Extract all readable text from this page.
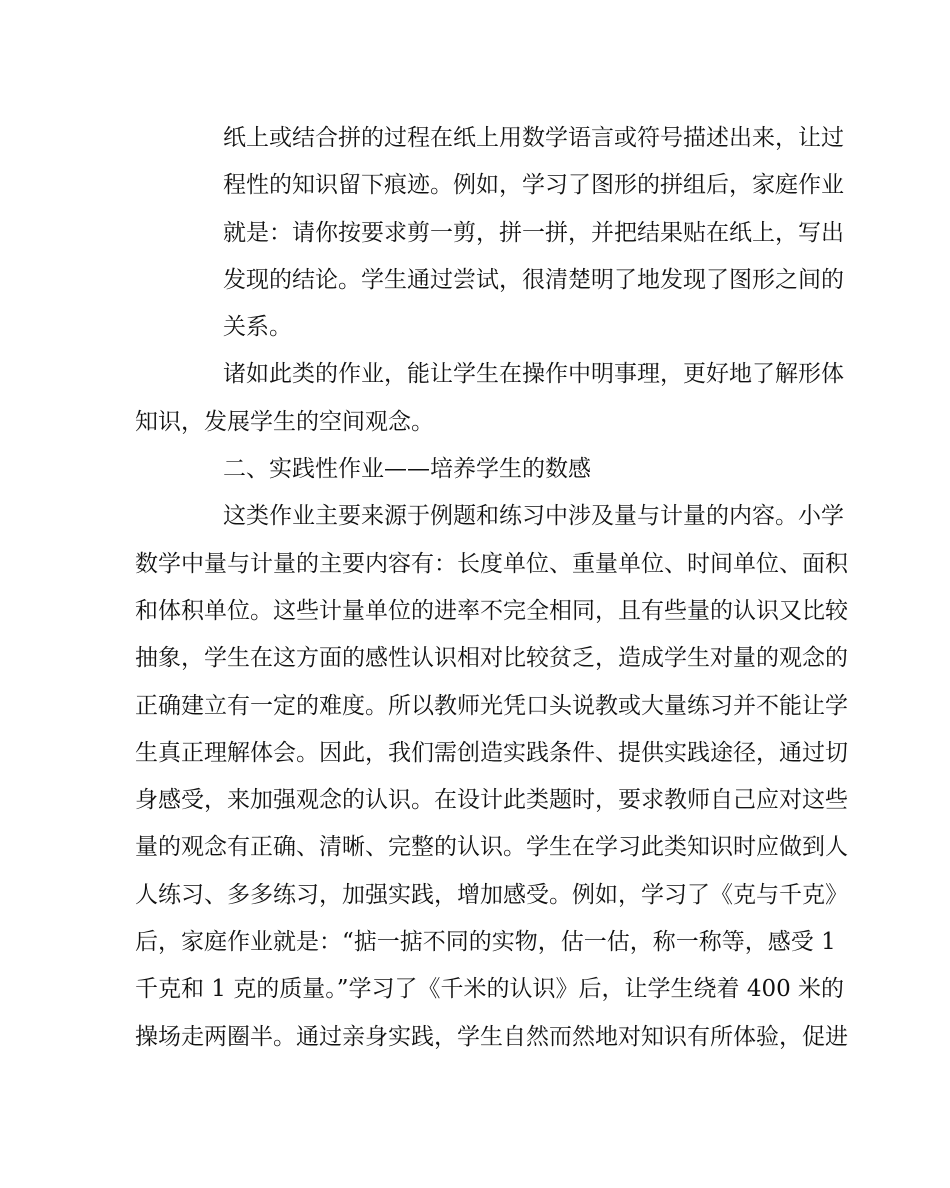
纸上或结合拼的过程在纸上用数学语言或符号描述出来，让过
程性的知识留下痕迹。例如，学习了图形的拼组后，家庭作业
就是：请你按要求剪一剪，拼一拼，并把结果贴在纸上，写出
发现的结论。学生通过尝试，很清楚明了地发现了图形之间的
关系。
诸如此类的作业，能让学生在操作中明事理，更好地了解形体
知识，发展学生的空间观念。
二、实践性作业——培养学生的数感
这类作业主要来源于例题和练习中涉及量与计量的内容。小学
数学中量与计量的主要内容有：长度单位、重量单位、时间单位、面积
和体积单位。这些计量单位的进率不完全相同，且有些量的认识又比较
抽象，学生在这方面的感性认识相对比较贫乏，造成学生对量的观念的
正确建立有一定的难度。所以教师光凭口头说教或大量练习并不能让学
生真正理解体会。因此，我们需创造实践条件、提供实践途径，通过切
身感受，来加强观念的认识。在设计此类题时，要求教师自己应对这些
量的观念有正确、清晰、完整的认识。学生在学习此类知识时应做到人
人练习、多多练习，加强实践，增加感受。例如，学习了《克与千克》
后，家庭作业就是：“掂一掂不同的实物，估一估，称一称等，感受 1
千克和 1 克的质量。”学习了《千米的认识》后，让学生绕着 400 米的
操场走两圈半。通过亲身实践，学生自然而然地对知识有所体验，促进
